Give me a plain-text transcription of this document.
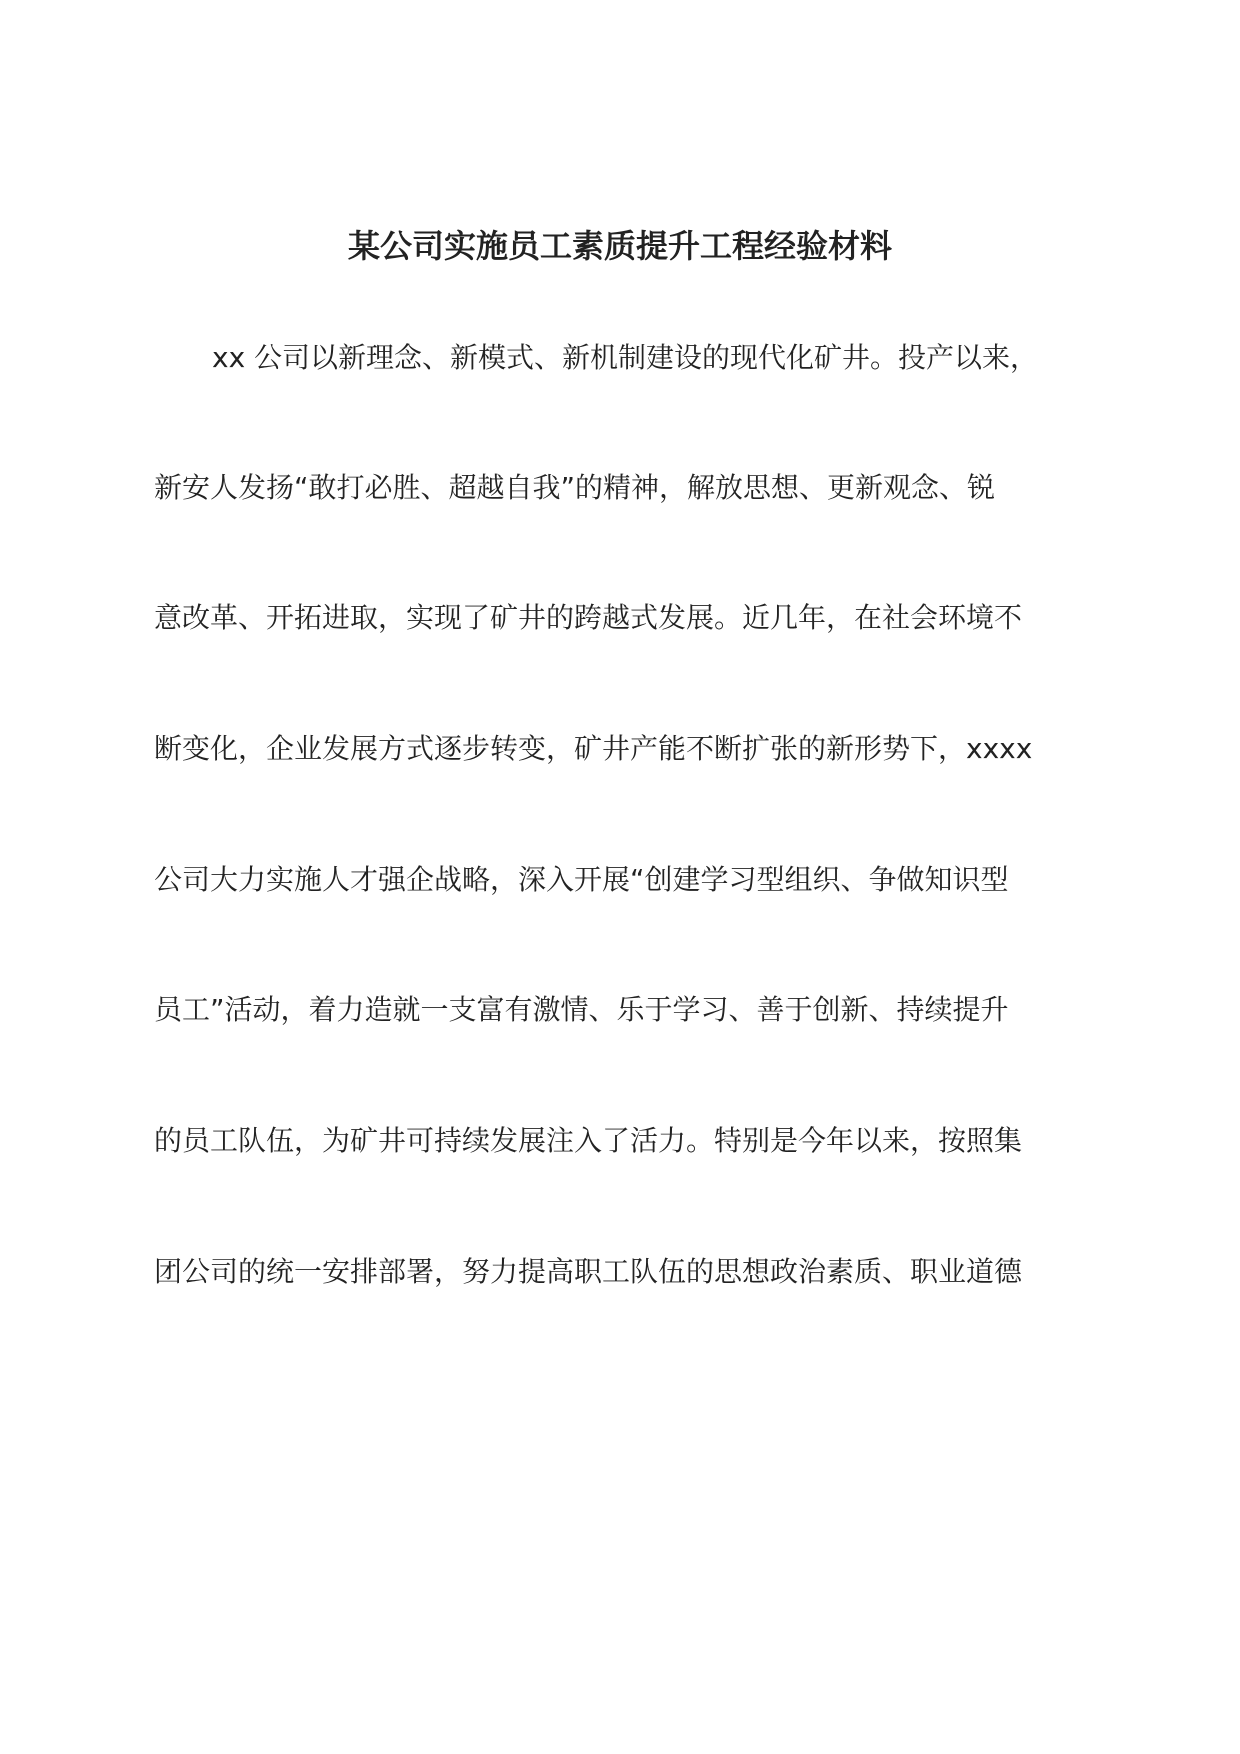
某公司实施员工素质提升工程经验材料

xx 公司以新理念、新模式、新机制建设的现代化矿井。投产以来，

新安人发扬“敢打必胜、超越自我”的精神，解放思想、更新观念、锐

意改革、开拓进取，实现了矿井的跨越式发展。近几年，在社会环境不

断变化，企业发展方式逐步转变，矿井产能不断扩张的新形势下，xxxx

公司大力实施人才强企战略，深入开展“创建学习型组织、争做知识型

员工”活动，着力造就一支富有激情、乐于学习、善于创新、持续提升

的员工队伍，为矿井可持续发展注入了活力。特别是今年以来，按照集

团公司的统一安排部署，努力提高职工队伍的思想政治素质、职业道德
